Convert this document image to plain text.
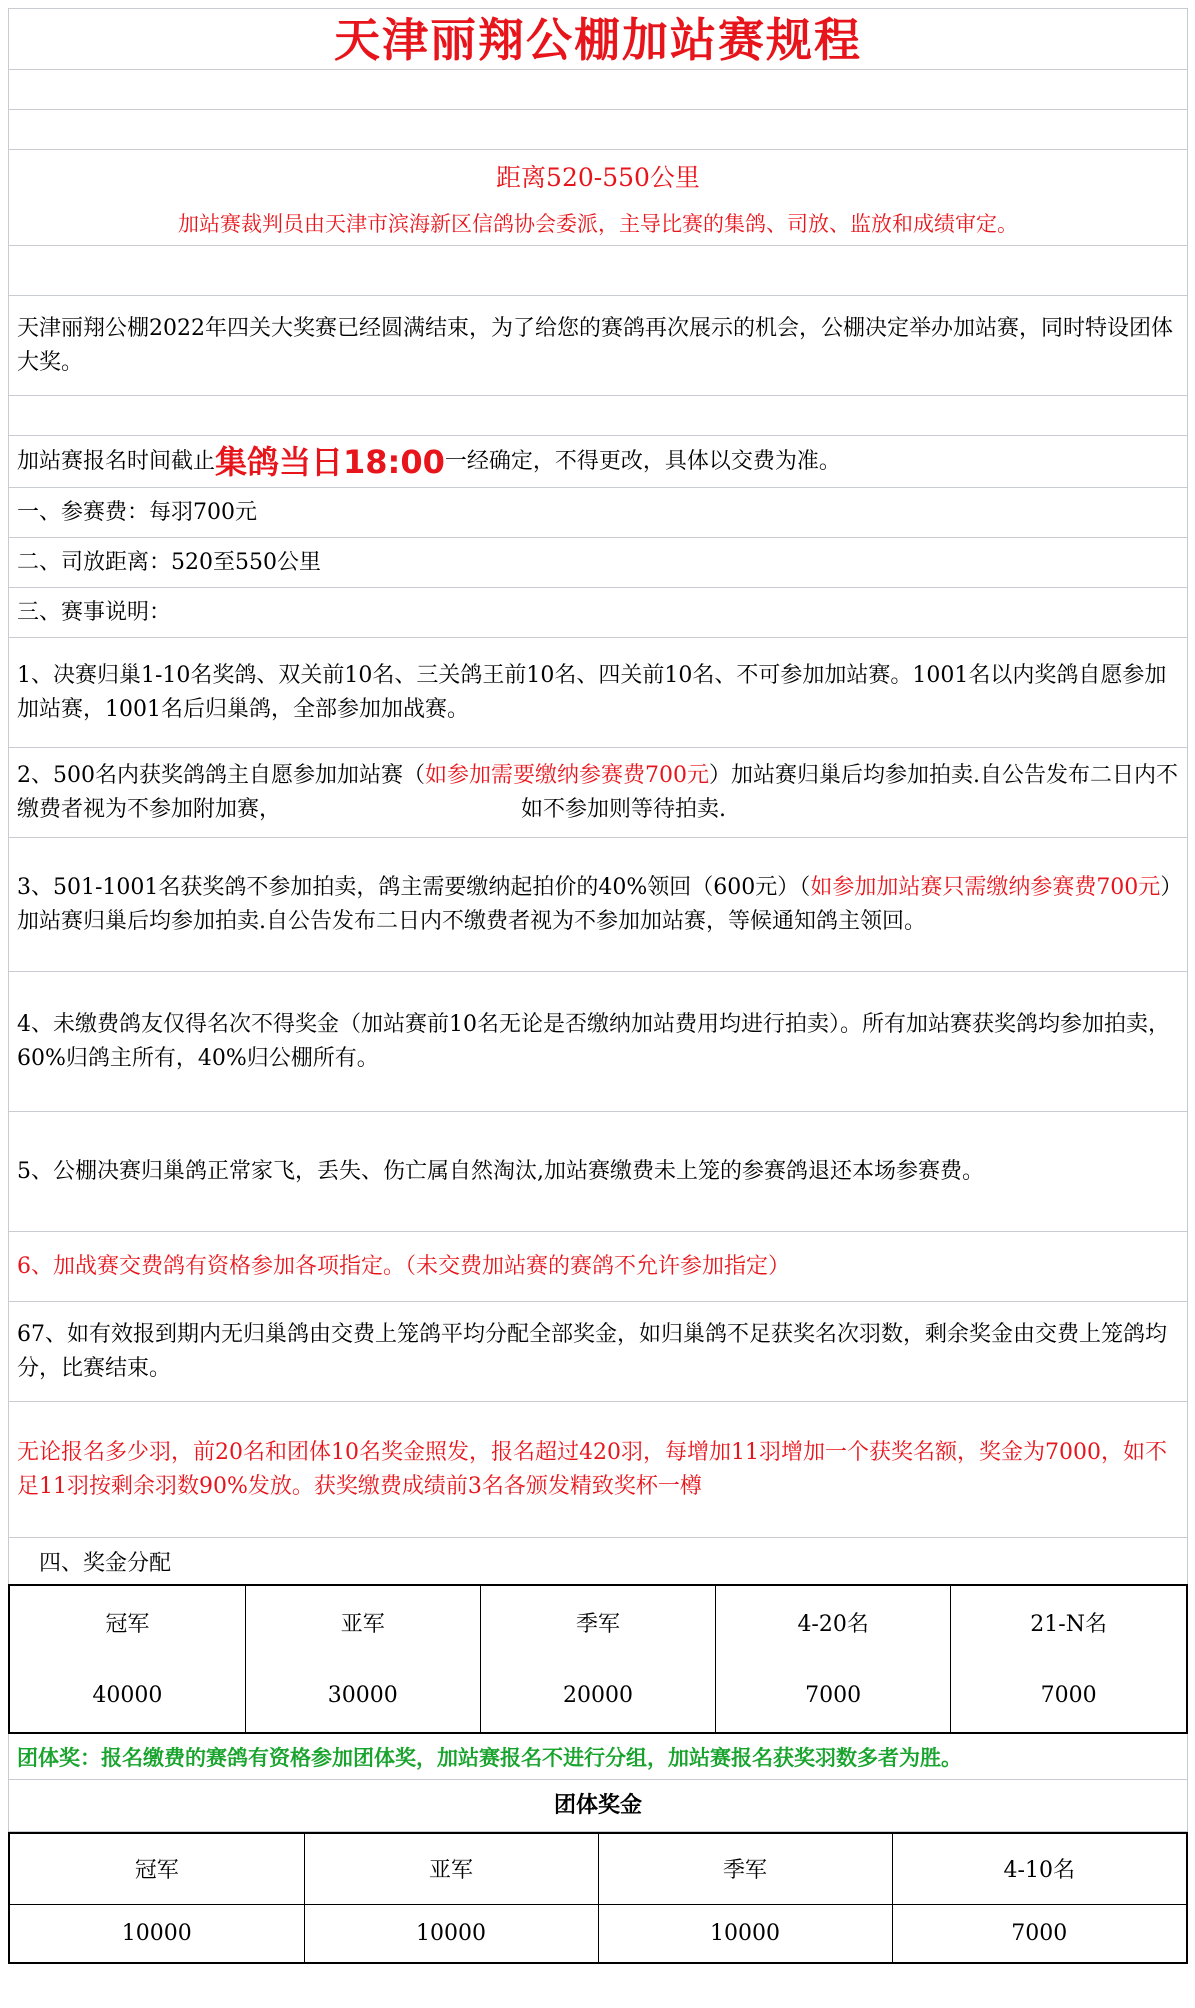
天津丽翔公棚加站赛规程
距离520-550公里
加站赛裁判员由天津市滨海新区信鸽协会委派，主导比赛的集鸽、司放、监放和成绩审定。
天津丽翔公棚2022年四关大奖赛已经圆满结束，为了给您的赛鸽再次展示的机会，公棚决定举办加站赛，同时特设团体大奖。
加站赛报名时间截止 集鸽当日18:00 一经确定，不得更改，具体以交费为准。
一、参赛费：每羽700元
二、司放距离：520至550公里
三、赛事说明：
1、决赛归巢1-10名奖鸽、双关前10名、三关鸽王前10名、四关前10名、不可参加加站赛。1001名以内奖鸽自愿参加加站赛，1001名后归巢鸽，全部参加加战赛。
2、500名内获奖鸽鸽主自愿参加加站赛（如参加需要缴纳参赛费700元）加站赛归巢后均参加拍卖.自公告发布二日内不缴费者视为不参加附加赛，	如不参加则等待拍卖.
3、501-1001名获奖鸽不参加拍卖，鸽主需要缴纳起拍价的40%领回（600元）（如参加加站赛只需缴纳参赛费700元）加站赛归巢后均参加拍卖.自公告发布二日内不缴费者视为不参加加站赛，等候通知鸽主领回。
4、未缴费鸽友仅得名次不得奖金（加站赛前10名无论是否缴纳加站费用均进行拍卖）。所有加站赛获奖鸽均参加拍卖，60%归鸽主所有，40%归公棚所有。
5、公棚决赛归巢鸽正常家飞，丢失、伤亡属自然淘汰,加站赛缴费未上笼的参赛鸽退还本场参赛费。
6、加战赛交费鸽有资格参加各项指定。（未交费加站赛的赛鸽不允许参加指定）
67、如有效报到期内无归巢鸽由交费上笼鸽平均分配全部奖金，如归巢鸽不足获奖名次羽数，剩余奖金由交费上笼鸽均分，比赛结束。
无论报名多少羽，前20名和团体10名奖金照发，报名超过420羽，每增加11羽增加一个获奖名额，奖金为7000，如不足11羽按剩余羽数90%发放。获奖缴费成绩前3名各颁发精致奖杯一樽
四、奖金分配
冠军	亚军	季军	4-20名	21-N名
40000	30000	20000	7000	7000
团体奖：报名缴费的赛鸽有资格参加团体奖，加站赛报名不进行分组，加站赛报名获奖羽数多者为胜。
团体奖金
冠军	亚军	季军	4-10名
10000	10000	10000	7000
